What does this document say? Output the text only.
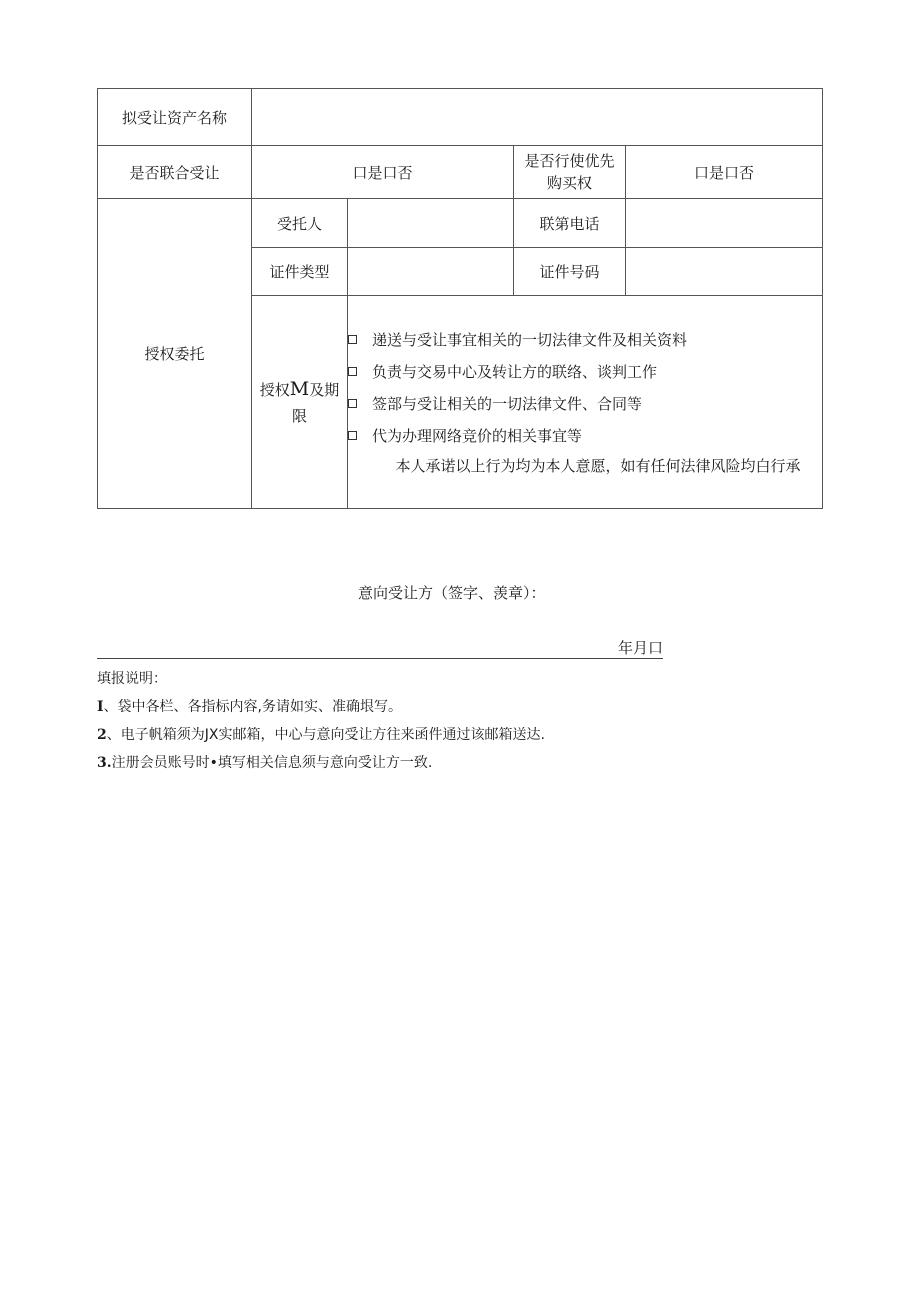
拟受让资产名称				
是否联合受让	口是口否		是否行使优先购买权	口是口否
授权委托	受托人		联第电话	
	证件类型		证件号码	

	授权M及期限	递送与受让事宜相关的一切法律文件及相关资料
负责与交易中心及转让方的联络、谈判工作
签部与受让相关的一切法律文件、合同等
代为办理网络竞价的相关事宜等
本人承诺以上行为均为本人意愿，如有任何法律风险均白行承		
意向受让方（签字、羡章）：
年月口
填报说明：
I、袋中各栏、各指标内容,务请如实、准确垠写。
2、电子帆箱须为JX实邮箱，中心与意向受让方往来函件通过该邮箱送达.
3.注册会员账号时•填写相关信息须与意向受让方一致.
